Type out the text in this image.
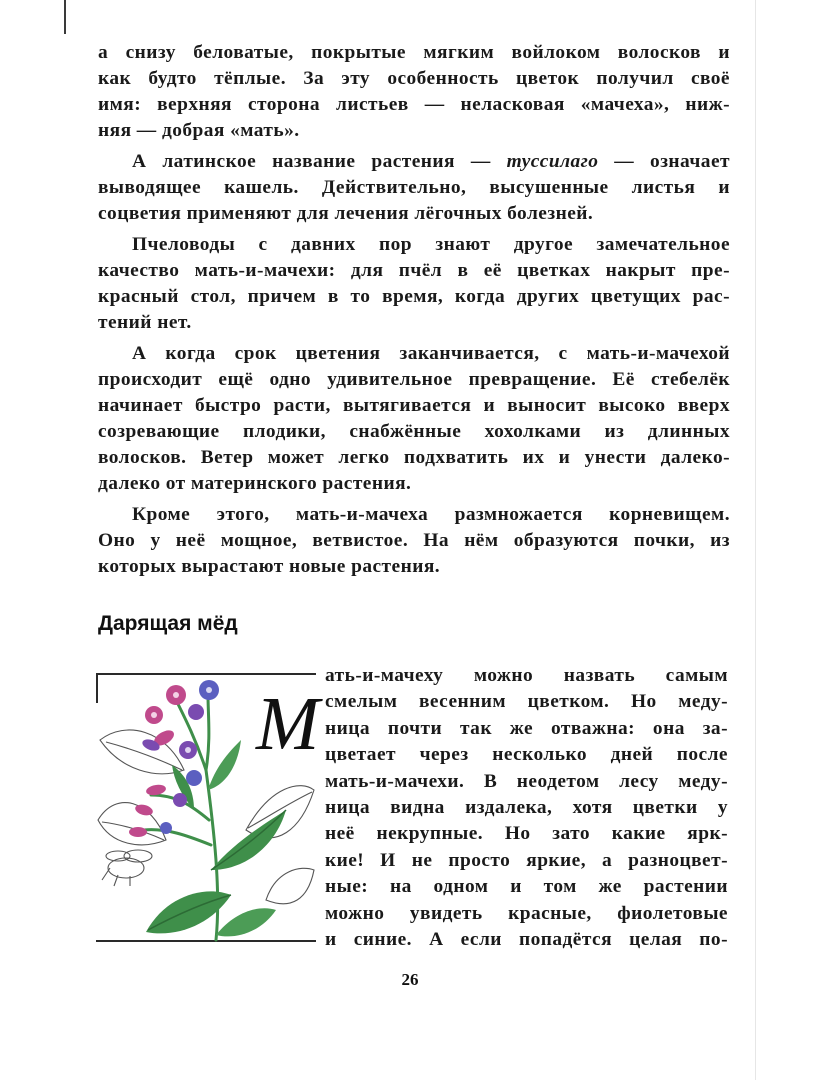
а снизу беловатые, покрытые мягким войлоком волосков и
как будто тёплые. За эту особенность цветок получил своё
имя: верхняя сторона листьев — неласковая «мачеха», ниж-
няя — добрая «мать».

А латинское название растения — туссилаго — означает
выводящее кашель. Действительно, высушенные листья и
соцветия применяют для лечения лёгочных болезней.

Пчеловоды с давних пор знают другое замечательное
качество мать-и-мачехи: для пчёл в её цветках накрыт пре-
красный стол, причем в то время, когда других цветущих рас-
тений нет.

А когда срок цветения заканчивается, с мать-и-мачехой
происходит ещё одно удивительное превращение. Её стебелёк
начинает быстро расти, вытягивается и выносит высоко вверх
созревающие плодики, снабжённые хохолками из длинных
волосков. Ветер может легко подхватить их и унести далеко-
далеко от материнского растения.

Кроме этого, мать-и-мачеха размножается корневищем.
Оно у неё мощное, ветвистое. На нём образуются почки, из
которых вырастают новые растения.

Дарящая мёд
М
ать-и-мачеху можно назвать самым
смелым весенним цветком. Но меду-
ница почти так же отважна: она за-
цветает через несколько дней после
мать-и-мачехи. В неодетом лесу меду-
ница видна издалека, хотя цветки у
неё некрупные. Но зато какие ярк-
кие! И не просто яркие, а разноцвет-
ные: на одном и том же растении
можно увидеть красные, фиолетовые
и синие. А если попадётся целая по-
26
